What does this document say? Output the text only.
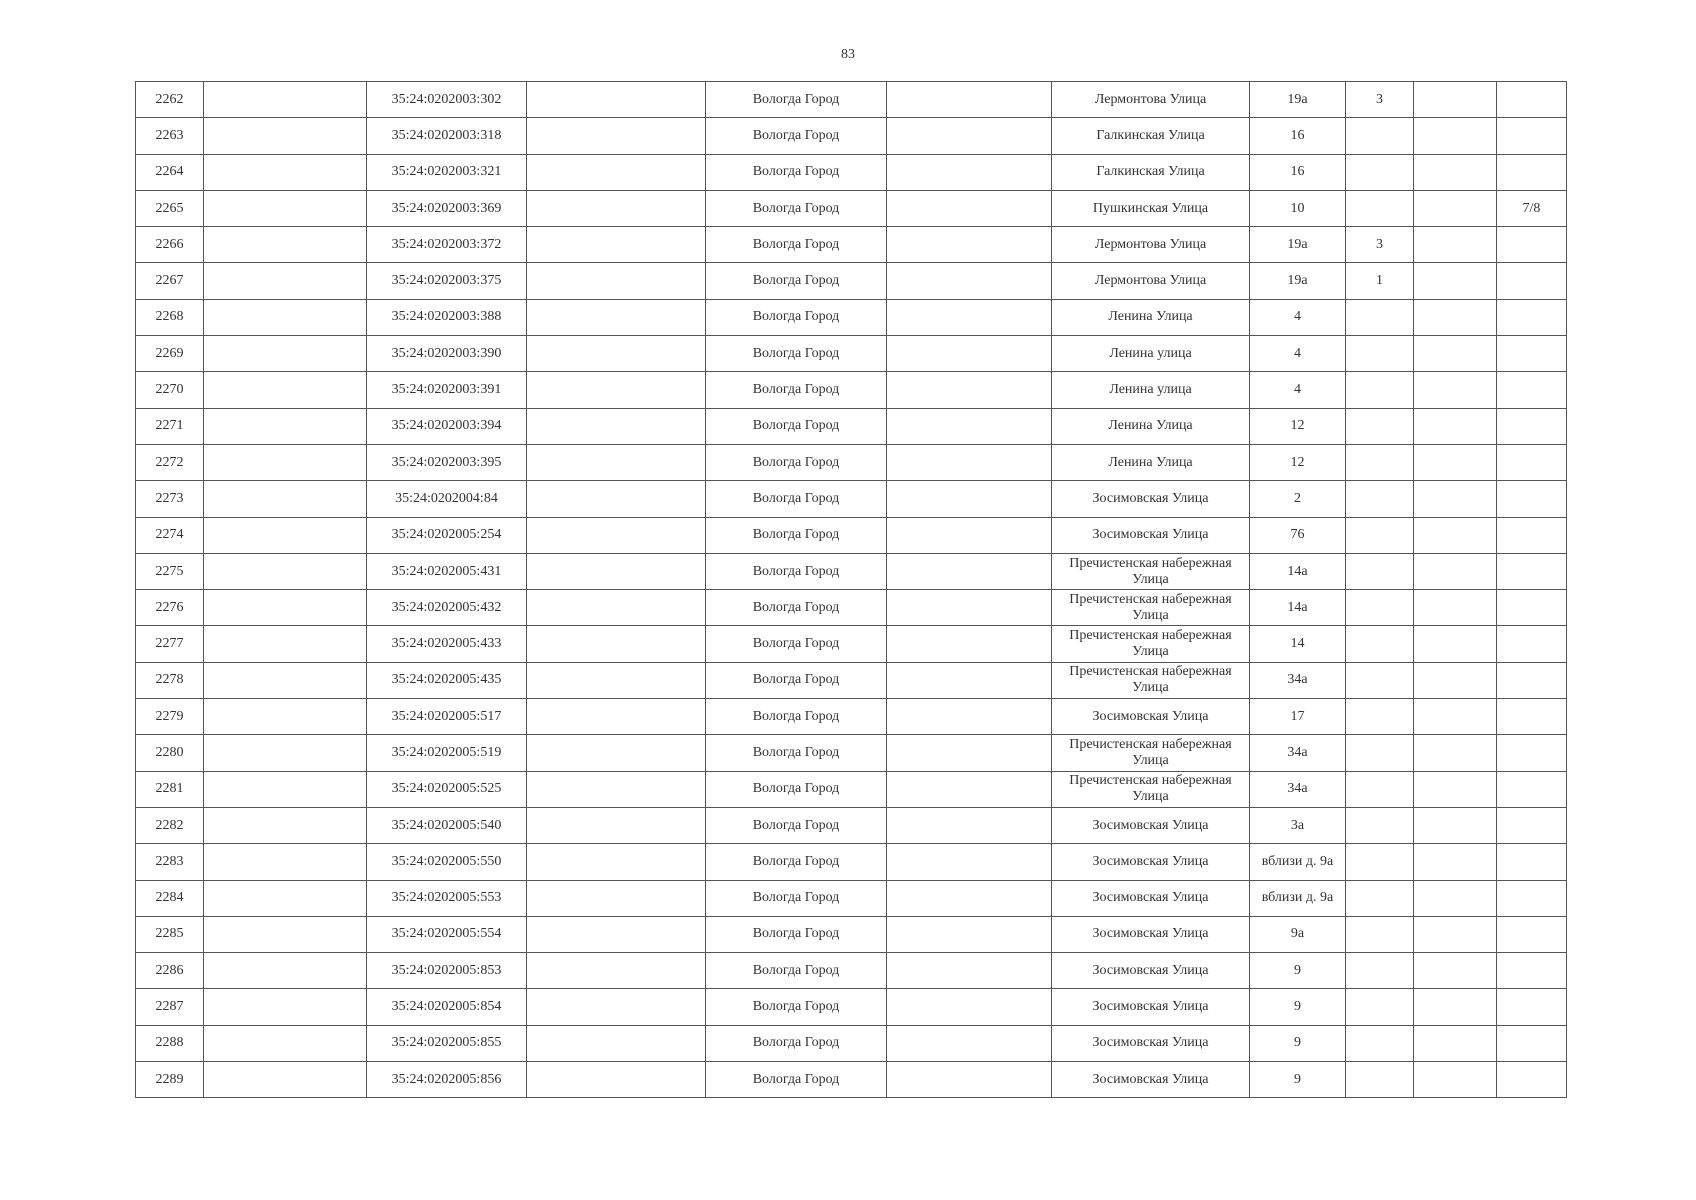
83
2262		35:24:0202003:302		Вологда Город		Лермонтова Улица	19а	3		
2263		35:24:0202003:318		Вологда Город		Галкинская Улица	16			
2264		35:24:0202003:321		Вологда Город		Галкинская Улица	16			
2265		35:24:0202003:369		Вологда Город		Пушкинская Улица	10			7/8
2266		35:24:0202003:372		Вологда Город		Лермонтова Улица	19а	3		
2267		35:24:0202003:375		Вологда Город		Лермонтова Улица	19а	1		
2268		35:24:0202003:388		Вологда Город		Ленина Улица	4			
2269		35:24:0202003:390		Вологда Город		Ленина улица	4			
2270		35:24:0202003:391		Вологда Город		Ленина улица	4			
2271		35:24:0202003:394		Вологда Город		Ленина Улица	12			
2272		35:24:0202003:395		Вологда Город		Ленина Улица	12			
2273		35:24:0202004:84		Вологда Город		Зосимовская Улица	2			
2274		35:24:0202005:254		Вологда Город		Зосимовская Улица	76			
2275		35:24:0202005:431		Вологда Город		Пречистенская набережная Улица	14а			
2276		35:24:0202005:432		Вологда Город		Пречистенская набережная Улица	14а			
2277		35:24:0202005:433		Вологда Город		Пречистенская набережная Улица	14			
2278		35:24:0202005:435		Вологда Город		Пречистенская набережная Улица	34а			
2279		35:24:0202005:517		Вологда Город		Зосимовская Улица	17			
2280		35:24:0202005:519		Вологда Город		Пречистенская набережная Улица	34а			
2281		35:24:0202005:525		Вологда Город		Пречистенская набережная Улица	34а			
2282		35:24:0202005:540		Вологда Город		Зосимовская Улица	3а			
2283		35:24:0202005:550		Вологда Город		Зосимовская Улица	вблизи д. 9а			
2284		35:24:0202005:553		Вологда Город		Зосимовская Улица	вблизи д. 9а			
2285		35:24:0202005:554		Вологда Город		Зосимовская Улица	9а			
2286		35:24:0202005:853		Вологда Город		Зосимовская Улица	9			
2287		35:24:0202005:854		Вологда Город		Зосимовская Улица	9			
2288		35:24:0202005:855		Вологда Город		Зосимовская Улица	9			
2289		35:24:0202005:856		Вологда Город		Зосимовская Улица	9			
